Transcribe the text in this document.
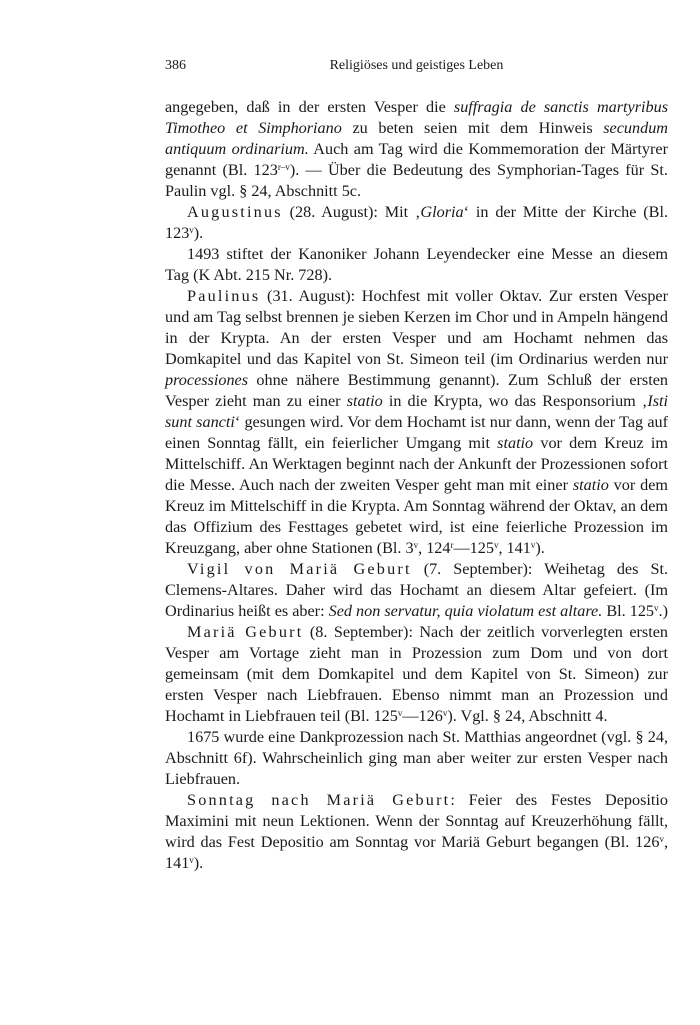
386	Religiöses und geistiges Leben

angegeben, daß in der ersten Vesper die suffragia de sanctis martyribus Timotheo et Simphoriano zu beten seien mit dem Hinweis secundum antiquum ordinarium. Auch am Tag wird die Kommemoration der Märtyrer genannt (Bl. 123$^{r-v}$). — Über die Bedeutung des Symphorian-Tages für St. Paulin vgl. § 24, Abschnitt 5c.

Augustinus (28. August): Mit ‚Gloria‘ in der Mitte der Kirche (Bl. 123$^v$).

1493 stiftet der Kanoniker Johann Leyendecker eine Messe an diesem Tag (K Abt. 215 Nr. 728).

Paulinus (31. August): Hochfest mit voller Oktav. Zur ersten Vesper und am Tag selbst brennen je sieben Kerzen im Chor und in Ampeln hängend in der Krypta. An der ersten Vesper und am Hochamt nehmen das Domkapitel und das Kapitel von St. Simeon teil (im Ordinarius werden nur processiones ohne nähere Bestimmung genannt). Zum Schluß der ersten Vesper zieht man zu einer statio in die Krypta, wo das Responsorium ‚Isti sunt sancti‘ gesungen wird. Vor dem Hochamt ist nur dann, wenn der Tag auf einen Sonntag fällt, ein feierlicher Umgang mit statio vor dem Kreuz im Mittelschiff. An Werktagen beginnt nach der Ankunft der Prozessionen sofort die Messe. Auch nach der zweiten Vesper geht man mit einer statio vor dem Kreuz im Mittelschiff in die Krypta. Am Sonntag während der Oktav, an dem das Offizium des Festtages gebetet wird, ist eine feierliche Prozession im Kreuzgang, aber ohne Stationen (Bl. 3$^v$, 124$^r$—125$^v$, 141$^v$).

Vigil von Mariä Geburt (7. September): Weihetag des St. Clemens-Altares. Daher wird das Hochamt an diesem Altar gefeiert. (Im Ordinarius heißt es aber: Sed non servatur, quia violatum est altare. Bl. 125$^v$.)

Mariä Geburt (8. September): Nach der zeitlich vorverlegten ersten Vesper am Vortage zieht man in Prozession zum Dom und von dort gemeinsam (mit dem Domkapitel und dem Kapitel von St. Simeon) zur ersten Vesper nach Liebfrauen. Ebenso nimmt man an Prozession und Hochamt in Liebfrauen teil (Bl. 125$^v$—126$^v$). Vgl. § 24, Abschnitt 4.

1675 wurde eine Dankprozession nach St. Matthias angeordnet (vgl. § 24, Abschnitt 6f). Wahrscheinlich ging man aber weiter zur ersten Vesper nach Liebfrauen.

Sonntag nach Mariä Geburt: Feier des Festes Depositio Maximini mit neun Lektionen. Wenn der Sonntag auf Kreuzerhöhung fällt, wird das Fest Depositio am Sonntag vor Mariä Geburt begangen (Bl. 126$^v$, 141$^v$).
